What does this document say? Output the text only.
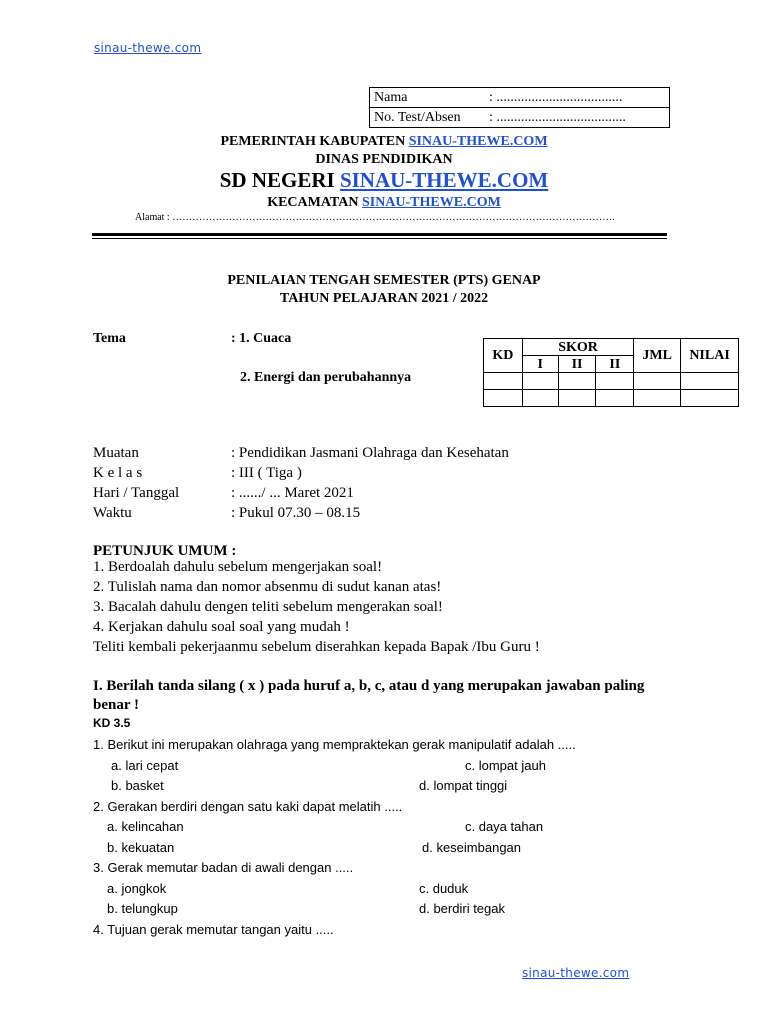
sinau-thewe.com
Nama	: ....................................
No. Test/Absen : .....................................
PEMERINTAH KABUPATEN SINAU-THEWE.COM
DINAS PENDIDIKAN
SD NEGERI SINAU-THEWE.COM
KECAMATAN SINAU-THEWE.COM
Alamat : …………………………………………………………………………………………………………………….
PENILAIAN TENGAH SEMESTER (PTS) GENAP
TAHUN PELAJARAN 2021 / 2022
Tema	: 1. Cuaca
2. Energi dan perubahannya
KD	SKOR			JML	NILAI
	I	II	II		

Muatan	: Pendidikan Jasmani Olahraga dan Kesehatan
K e l a s	: III ( Tiga )
Hari / Tanggal	: ....../ ... Maret 2021
Waktu	: Pukul 07.30 – 08.15
PETUNJUK UMUM :
1. Berdoalah dahulu sebelum mengerjakan soal!
2. Tulislah nama dan nomor absenmu di sudut kanan atas!
3. Bacalah dahulu dengen teliti sebelum mengerakan soal!
4. Kerjakan dahulu soal soal yang mudah !
Teliti kembali pekerjaanmu sebelum diserahkan kepada Bapak /Ibu Guru !
I. Berilah tanda silang ( x ) pada huruf a, b, c, atau d yang merupakan jawaban paling
benar !
KD 3.5
1. Berikut ini merupakan olahraga yang mempraktekan gerak manipulatif adalah .....
a. lari cepat	c. lompat jauh
b. basket	d. lompat tinggi
2. Gerakan berdiri dengan satu kaki dapat melatih .....
a. kelincahan	c. daya tahan
b. kekuatan	d. keseimbangan
3. Gerak memutar badan di awali dengan .....
a. jongkok	c. duduk
b. telungkup	d. berdiri tegak
4. Tujuan gerak memutar tangan yaitu .....
sinau-thewe.com
